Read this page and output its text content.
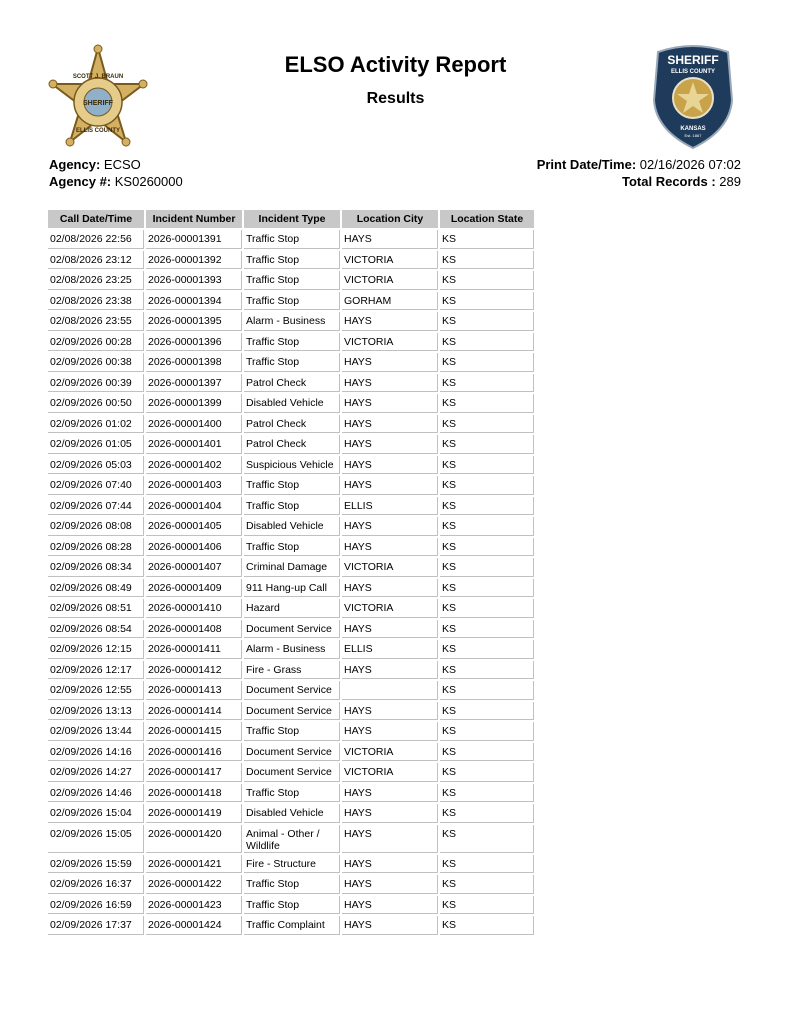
SCOTT J. BRAUN
SHERIFF
ELLIS COUNTY
SHERIFF
ELLIS COUNTY
KANSAS
Est. 1867
ELSO Activity Report
Results
Agency: ECSO
Agency #: KS0260000
Print Date/Time: 02/16/2026 07:02
Total Records : 289
Call Date/Time	Incident Number	Incident Type	Location City	Location State
02/08/2026 22:56	2026-00001391	Traffic Stop	HAYS	KS
02/08/2026 23:12	2026-00001392	Traffic Stop	VICTORIA	KS
02/08/2026 23:25	2026-00001393	Traffic Stop	VICTORIA	KS
02/08/2026 23:38	2026-00001394	Traffic Stop	GORHAM	KS
02/08/2026 23:55	2026-00001395	Alarm - Business	HAYS	KS
02/09/2026 00:28	2026-00001396	Traffic Stop	VICTORIA	KS
02/09/2026 00:38	2026-00001398	Traffic Stop	HAYS	KS
02/09/2026 00:39	2026-00001397	Patrol Check	HAYS	KS
02/09/2026 00:50	2026-00001399	Disabled Vehicle	HAYS	KS
02/09/2026 01:02	2026-00001400	Patrol Check	HAYS	KS
02/09/2026 01:05	2026-00001401	Patrol Check	HAYS	KS
02/09/2026 05:03	2026-00001402	Suspicious Vehicle	HAYS	KS
02/09/2026 07:40	2026-00001403	Traffic Stop	HAYS	KS
02/09/2026 07:44	2026-00001404	Traffic Stop	ELLIS	KS
02/09/2026 08:08	2026-00001405	Disabled Vehicle	HAYS	KS
02/09/2026 08:28	2026-00001406	Traffic Stop	HAYS	KS
02/09/2026 08:34	2026-00001407	Criminal Damage	VICTORIA	KS
02/09/2026 08:49	2026-00001409	911 Hang-up Call	HAYS	KS
02/09/2026 08:51	2026-00001410	Hazard	VICTORIA	KS
02/09/2026 08:54	2026-00001408	Document Service	HAYS	KS
02/09/2026 12:15	2026-00001411	Alarm - Business	ELLIS	KS
02/09/2026 12:17	2026-00001412	Fire - Grass	HAYS	KS
02/09/2026 12:55	2026-00001413	Document Service		KS
02/09/2026 13:13	2026-00001414	Document Service	HAYS	KS
02/09/2026 13:44	2026-00001415	Traffic Stop	HAYS	KS
02/09/2026 14:16	2026-00001416	Document Service	VICTORIA	KS
02/09/2026 14:27	2026-00001417	Document Service	VICTORIA	KS
02/09/2026 14:46	2026-00001418	Traffic Stop	HAYS	KS
02/09/2026 15:04	2026-00001419	Disabled Vehicle	HAYS	KS
02/09/2026 15:05	2026-00001420	Animal - Other / Wildlife	HAYS	KS
02/09/2026 15:59	2026-00001421	Fire - Structure	HAYS	KS
02/09/2026 16:37	2026-00001422	Traffic Stop	HAYS	KS
02/09/2026 16:59	2026-00001423	Traffic Stop	HAYS	KS
02/09/2026 17:37	2026-00001424	Traffic Complaint	HAYS	KS
